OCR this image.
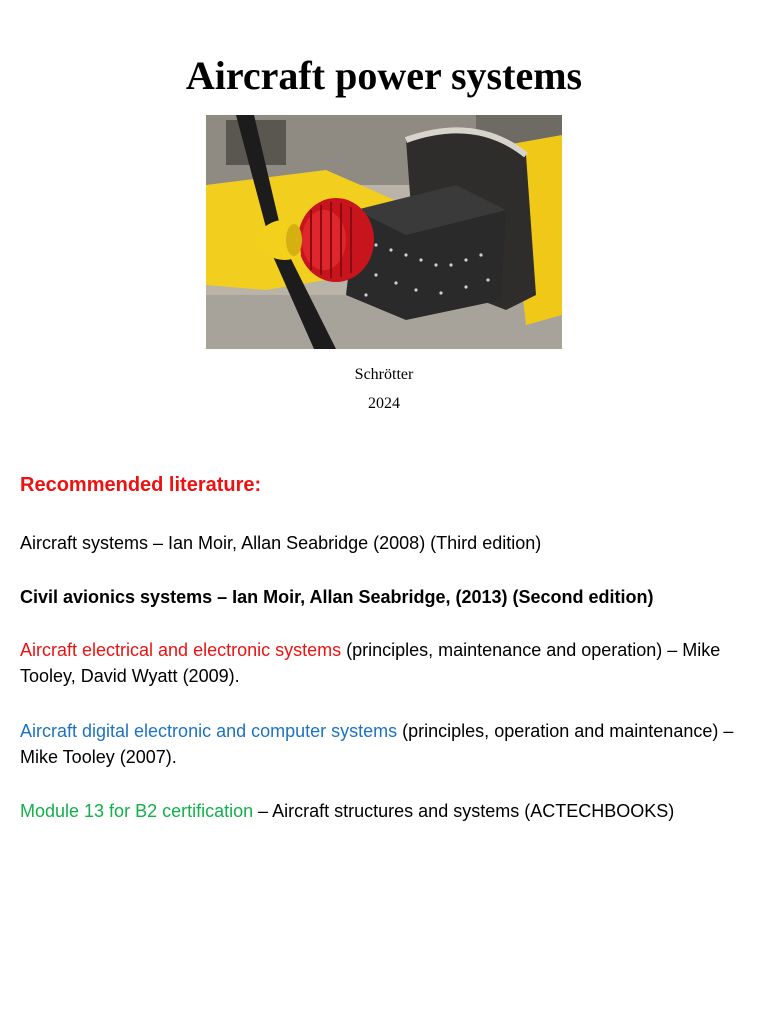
Aircraft power systems
Schrötter
2024
Recommended literature:

Aircraft systems – Ian Moir, Allan Seabridge (2008) (Third edition)

Civil avionics systems – Ian Moir, Allan Seabridge, (2013) (Second edition)

Aircraft electrical and electronic systems (principles, maintenance and operation) – Mike Tooley, David Wyatt (2009).

Aircraft digital electronic and computer systems (principles, operation and maintenance) – Mike Tooley (2007).

Module 13 for B2 certification – Aircraft structures and systems (ACTECHBOOKS)
